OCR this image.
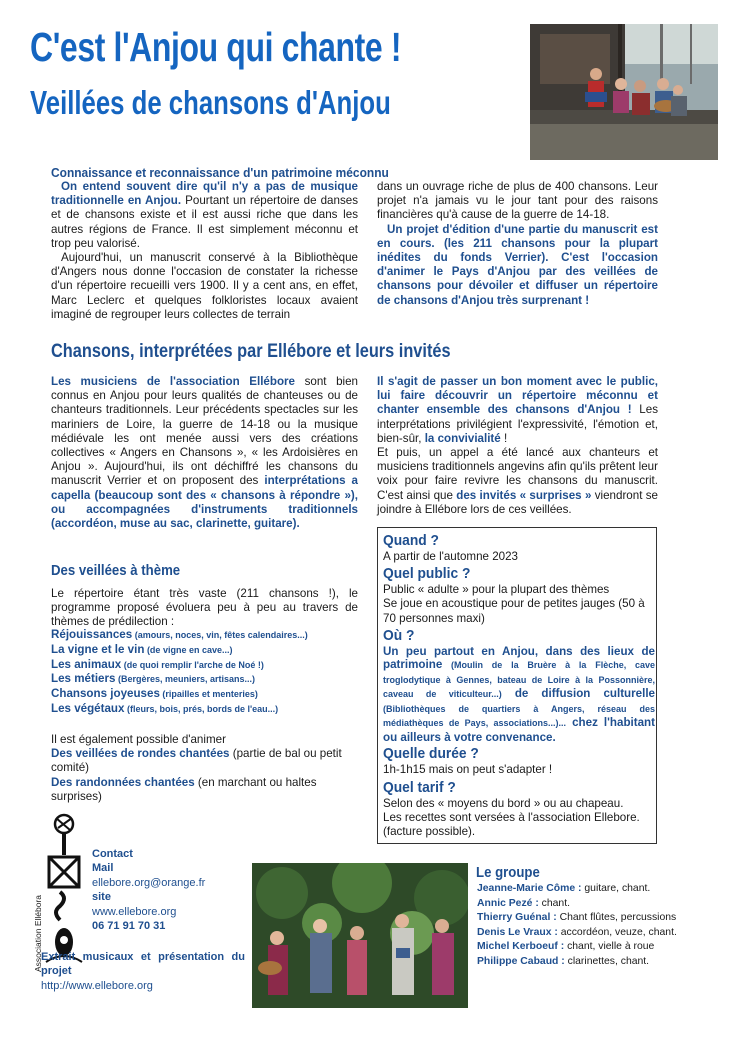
C'est l'Anjou qui chante !
Veillées de chansons d'Anjou
Connaissance et reconnaissance d'un patrimoine méconnu

On entend souvent dire qu'il n'y a pas de musique traditionnelle en Anjou. Pourtant un répertoire de danses et de chansons existe et il est aussi riche que dans les autres régions de France. Il est simplement méconnu et trop peu valorisé.

Aujourd'hui, un manuscrit conservé à la Bibliothèque d'Angers nous donne l'occasion de constater la richesse d'un répertoire recueilli vers 1900. Il y a cent ans, en effet, Marc Leclerc et quelques folkloristes locaux avaient imaginé de regrouper leurs collectes de terrain

dans un ouvrage riche de plus de 400 chansons. Leur projet n'a jamais vu le jour tant pour des raisons financières qu'à cause de la guerre de 14-18.

Un projet d'édition d'une partie du manuscrit est en cours. (les 211 chansons pour la plupart inédites du fonds Verrier). C'est l'occasion d'animer le Pays d'Anjou par des veillées de chansons pour dévoiler et diffuser un répertoire de chansons d'Anjou très surprenant !

Chansons, interprétées par Ellébore et leurs invités

Les musiciens de l'association Ellébore sont bien connus en Anjou pour leurs qualités de chanteuses ou de chanteurs traditionnels. Leur précédents spectacles sur les mariniers de Loire, la guerre de 14-18 ou la musique médiévale les ont menée aussi vers des créations collectives « Angers en Chansons », « les Ardoisières en Anjou ». Aujourd'hui, ils ont déchiffré les chansons du manuscrit Verrier et on proposent des interprétations a capella (beaucoup sont des « chansons à répondre »), ou accompagnées d'instruments traditionnels (accordéon, muse au sac, clarinette, guitare).

Il s'agit de passer un bon moment avec le public, lui faire découvrir un répertoire méconnu et chanter ensemble des chansons d'Anjou ! Les interprétations privilégient l'expressivité, l'émotion et, bien-sûr, la convivialité !

Et puis, un appel a été lancé aux chanteurs et musiciens traditionnels angevins afin qu'ils prêtent leur voix pour faire revivre les chansons du manuscrit. C'est ainsi que des invités « surprises » viendront se joindre à Ellébore lors de ces veillées.

Des veillées à thème
Le répertoire étant très vaste (211 chansons !), le programme proposé évoluera peu à peu au travers de thèmes de prédilection :
Réjouissances (amours, noces, vin, fêtes calendaires...)
La vigne et le vin (de vigne en cave...)
Les animaux (de quoi remplir l'arche de Noé !)
Les métiers (Bergères, meuniers, artisans...)
Chansons joyeuses (ripailles et menteries)
Les végétaux (fleurs, bois, prés, bords de l'eau...)

Il est également possible d'animer

Des veillées de rondes chantées (partie de bal ou petit comité)

Des randonnées chantées (en marchant ou haltes surprises)

Quand ?

A partir de l'automne 2023

Quel public ?

Public « adulte » pour la plupart des thèmes

Se joue en acoustique pour de petites jauges (50 à 70 personnes maxi)

Où ?

Un peu partout en Anjou, dans des lieux de patrimoine (Moulin de la Bruère à la Flèche, cave troglodytique à Gennes, bateau de Loire à la Possonnière, caveau de viticulteur...) de diffusion culturelle (Bibliothèques de quartiers à Angers, réseau des médiathèques de Pays, associations...)... chez l'habitant ou ailleurs à votre convenance.

Quelle durée ?

1h-1h15 mais on peut s'adapter !

Quel tarif ?

Selon des « moyens du bord » ou au chapeau.

Les recettes sont versées à l'association Ellebore. (facture possible).

Association Ellébora

Contact

Mail

ellebore.org@orange.fr

site

www.ellebore.org

06 71 91 70 31

Extrait musicaux et présentation du projet
http://www.ellebore.org
Le groupe
Jeanne-Marie Côme : guitare, chant.
Annic Pezé : chant.
Thierry Guénal : Chant flûtes, percussions
Denis Le Vraux : accordéon, veuze, chant.
Michel Kerboeuf : chant, vielle à roue
Philippe Cabaud : clarinettes, chant.
